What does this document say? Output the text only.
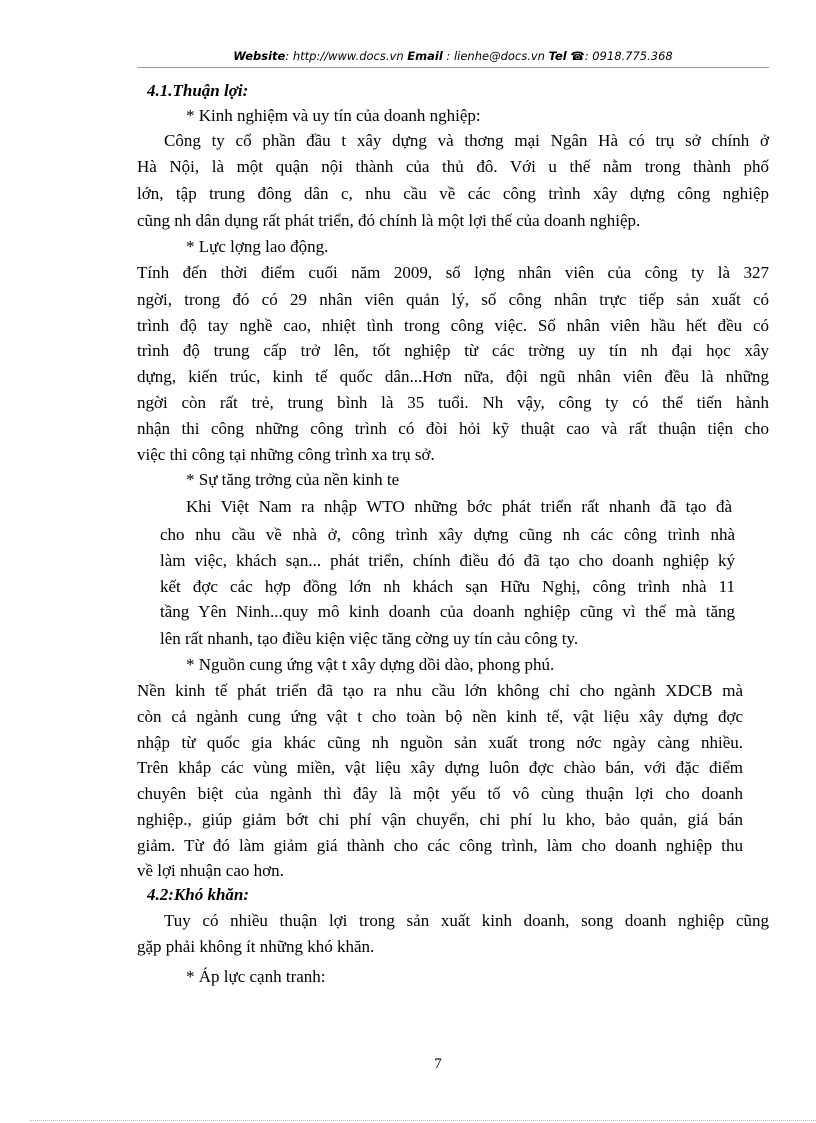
Website: http://www.docs.vn Email : lienhe@docs.vn Tel ☎: 0918.775.368
4.1.Thuận lợi:
* Kinh nghiệm và uy tín của doanh nghiệp:
Công ty cổ phần đầu t xây dựng và thơng mại Ngân Hà có trụ sở chính ở
Hà Nội, là một quận nội thành của thủ đô. Với u thế nằm trong thành phố
lớn, tập trung đông dân c, nhu cầu về các công trình xây dựng công nghiệp
cũng nh dân dụng rất phát triển, đó chính là một lợi thế của doanh nghiệp.
* Lực lợng lao động.
Tính đến thời điểm cuối năm 2009, số lợng nhân viên của công ty là 327
ngời, trong đó có 29 nhân viên quản lý, số công nhân trực tiếp sản xuất có
trình độ tay nghề cao, nhiệt tình trong công việc. Số nhân viên hầu hết đều có
trình độ trung cấp trở lên, tốt nghiệp từ các trờng uy tín nh đại học xây
dựng, kiến trúc, kinh tế quốc dân...Hơn nữa, đội ngũ nhân viên đều là những
ngời còn rất trẻ, trung bình là 35 tuổi. Nh vậy, công ty có thể tiến hành
nhận thi công những công trình có đòi hỏi kỹ thuật cao và rất thuận tiện cho
việc thi công tại những công trình xa trụ sở.
* Sự tăng trởng của nền kinh te
Khi Việt Nam ra nhập WTO những bớc phát triển rất nhanh đã tạo đà
cho nhu cầu về nhà ở, công trình xây dựng cũng nh các công trình nhà
làm việc, khách sạn... phát triển, chính điều đó đã tạo cho doanh nghiệp ký
kết đợc các hợp đồng lớn nh khách sạn Hữu Nghị, công trình nhà 11
tầng Yên Ninh...quy mô kinh doanh của doanh nghiệp cũng vì thế mà tăng
lên rất nhanh, tạo điều kiện việc tăng cờng uy tín cảu công ty.
* Nguồn cung ứng vật t xây dựng dồi dào, phong phú.
Nền kinh tế phát triển đã tạo ra nhu cầu lớn không chỉ cho ngành XDCB mà
còn cả ngành cung ứng vật t cho toàn bộ nền kinh tế, vật liệu xây dựng đợc
nhập từ quốc gia khác cũng nh nguồn sản xuất trong nớc ngày càng nhiều.
Trên khắp các vùng miền, vật liệu xây dựng luôn đợc chào bán, với đặc điểm
chuyên biệt của ngành thì đây là một yếu tố vô cùng thuận lợi cho doanh
nghiệp., giúp giảm bớt chi phí vận chuyển, chi phí lu kho, bảo quản, giá bán
giảm. Từ đó làm giảm giá thành cho các công trình, làm cho doanh nghiệp thu
về lợi nhuận cao hơn.
4.2:Khó khăn:
Tuy có nhiều thuận lợi trong sản xuất kinh doanh, song doanh nghiệp cũng
gặp phải không ít những khó khăn.
* Áp lực cạnh tranh:
7
